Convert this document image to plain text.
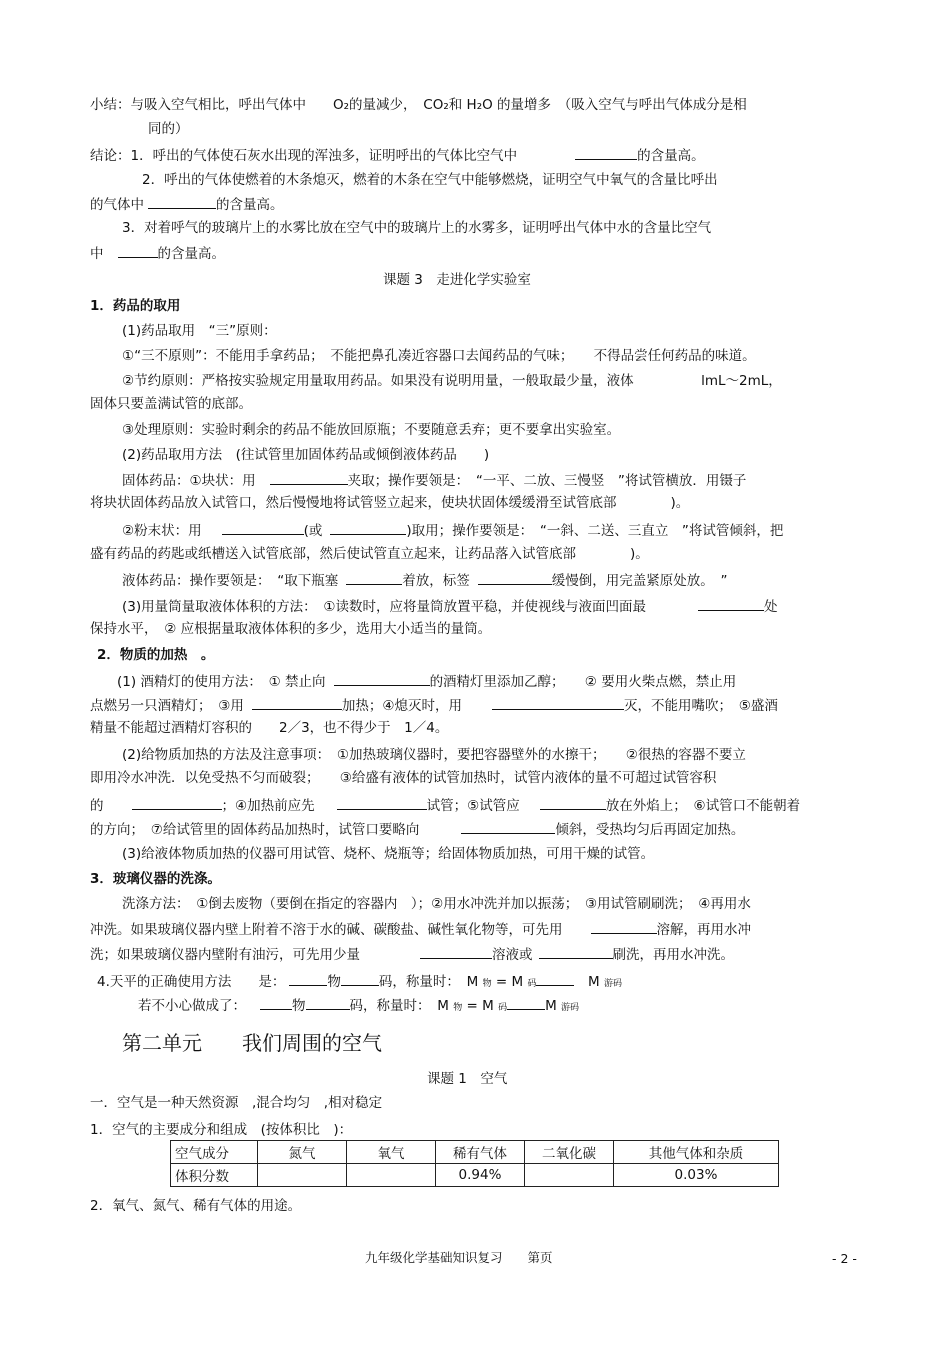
小结：与吸入空气相比，呼出气体中　　O₂的量减少，　CO₂和 H₂O 的量增多　（吸入空气与呼出气体成分是相
同的）
结论：1．呼出的气体使石灰水出现的浑浊多，证明呼出的气体比空气中	的含量高。
2．呼出的气体使燃着的木条熄灭，燃着的木条在空气中能够燃烧，证明空气中氧气的含量比呼出
的气体中	的含量高。
3．对着呼气的玻璃片上的水雾比放在空气中的玻璃片上的水雾多，证明呼出气体中水的含量比空气
中	的含量高。
课题 3　走进化学实验室
1．药品的取用
(1)药品取用　“三”原则：
①“三不原则”：不能用手拿药品；　不能把鼻孔凑近容器口去闻药品的气味；　　不得品尝任何药品的味道。
②节约原则：严格按实验规定用量取用药品。如果没有说明用量，一般取最少量，液体　　　　　lmL～2mL，
固体只要盖满试管的底部。
③处理原则：实验时剩余的药品不能放回原瓶；不要随意丢弃；更不要拿出实验室。
(2)药品取用方法　(往试管里加固体药品或倾倒液体药品　　)
固体药品：①块状：用	夹取；操作要领是：　“一平、二放、三慢竖　”将试管横放．用镊子
将块状固体药品放入试管口，然后慢慢地将试管竖立起来，使块状固体缓缓滑至试管底部　　　　)。
②粉末状：用	(或	)取用；操作要领是：　“一斜、二送、三直立　”将试管倾斜，把
盛有药品的药匙或纸槽送入试管底部，然后使试管直立起来，让药品落入试管底部　　　　)。
液体药品：操作要领是：　“取下瓶塞	着放，标签	缓慢倒，用完盖紧原处放。　”
(3)用量筒量取液体体积的方法：　①读数时，应将量筒放置平稳，并使视线与液面凹面最	处
保持水平，　② 应根据量取液体体积的多少，选用大小适当的量筒。
2．物质的加热　。
(1) 酒精灯的使用方法：　① 禁止向	的酒精灯里添加乙醇；　　② 要用火柴点燃，禁止用
点燃另一只酒精灯；　③用	加热；④熄灭时，用	灭，不能用嘴吹；　⑤盛酒
精量不能超过酒精灯容积的　　2／3，也不得少于　1／4。
(2)给物质加热的方法及注意事项：　①加热玻璃仪器时，要把容器壁外的水擦干；　　②很热的容器不要立
即用冷水冲洗．以免受热不匀而破裂；　　③给盛有液体的试管加热时，试管内液体的量不可超过试管容积
的	；④加热前应先	试管；⑤试管应	放在外焰上；　⑥试管口不能朝着
的方向；　⑦给试管里的固体药品加热时，试管口要略向	倾斜，受热均匀后再固定加热。
(3)给液体物质加热的仪器可用试管、烧杯、烧瓶等；给固体物质加热，可用干燥的试管。
3．玻璃仪器的洗涤。
洗涤方法：　①倒去废物（要倒在指定的容器内　）；②用水冲洗并加以振荡；　③用试管刷刷洗；　④再用水
冲洗。如果玻璃仪器内壁上附着不溶于水的碱、碳酸盐、碱性氧化物等，可先用	溶解，再用水冲
洗；如果玻璃仪器内壁附有油污，可先用少量	溶液或	刷洗，再用水冲洗。
4.天平的正确使用方法　　是：	物	码，称量时：　M 物 = M 码　	M 游码
若不小心做成了：	物	码，称量时：　M 物 = M 码	M 游码
第二单元　　我们周围的空气
课题 1　空气
一．空气是一种天然资源　,混合均匀　,相对稳定
1．空气的主要成分和组成　(按体积比　)：
空气成分	氮气	氧气	稀有气体	二氧化碳	其他气体和杂质
体积分数			0.94%		0.03%
2．氧气、氮气、稀有气体的用途。
九年级化学基础知识复习　　第页	- 2 -
